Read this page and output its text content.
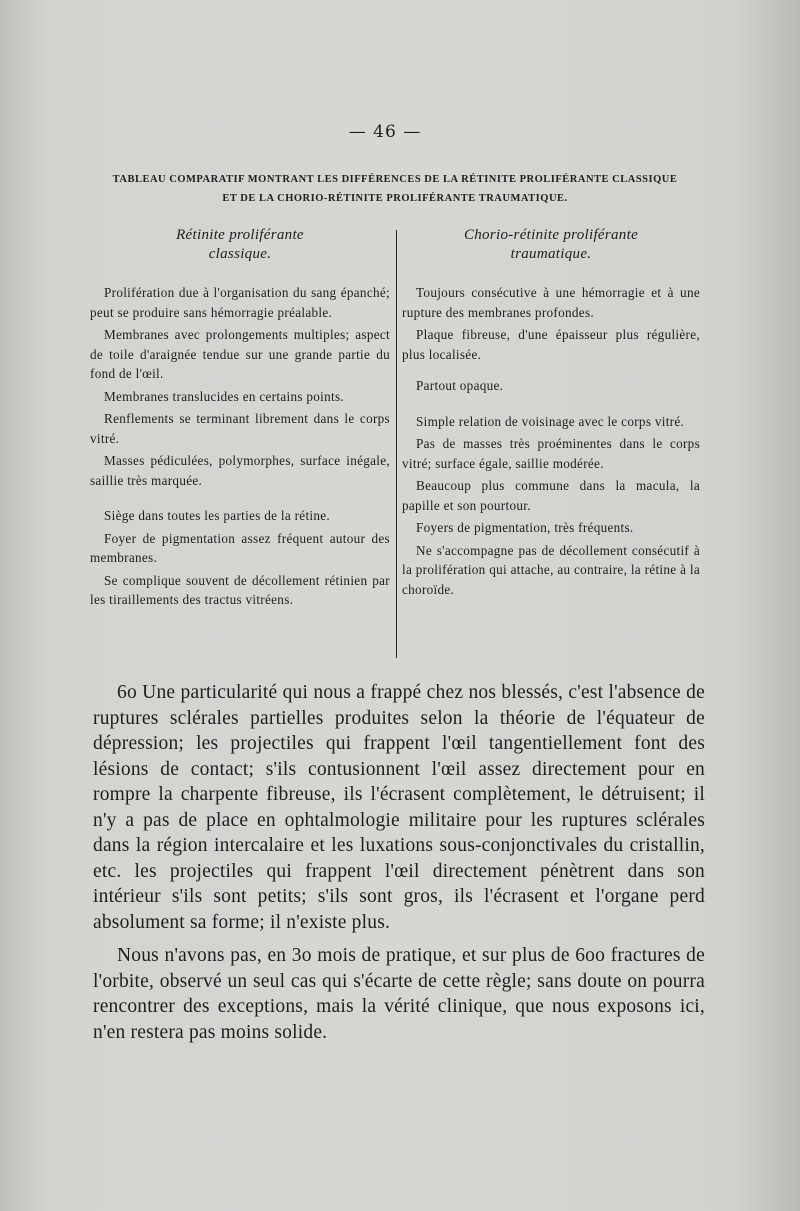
— 46 —
TABLEAU COMPARATIF MONTRANT LES DIFFÉRENCES DE LA RÉTINITE PROLIFÉRANTE CLASSIQUE
ET DE LA CHORIO-RÉTINITE PROLIFÉRANTE TRAUMATIQUE.
Rétinite proliférante
classique.

Prolifération due à l'organisation du sang épanché; peut se produire sans hémorragie préalable.

Membranes avec prolongements multiples; aspect de toile d'araignée tendue sur une grande partie du fond de l'œil.

Membranes translucides en certains points.

Renflements se terminant librement dans le corps vitré.

Masses pédiculées, polymorphes, surface inégale, saillie très marquée.

Siège dans toutes les parties de la rétine.

Foyer de pigmentation assez fréquent autour des membranes.

Se complique souvent de décollement rétinien par les tiraillements des tractus vitréens.

Chorio-rétinite proliférante
traumatique.

Toujours consécutive à une hémorragie et à une rupture des membranes profondes.

Plaque fibreuse, d'une épaisseur plus régulière, plus localisée.

Partout opaque.

Simple relation de voisinage avec le corps vitré.

Pas de masses très proéminentes dans le corps vitré; surface égale, saillie modérée.

Beaucoup plus commune dans la macula, la papille et son pourtour.

Foyers de pigmentation, très fréquents.

Ne s'accompagne pas de décollement consécutif à la prolifération qui attache, au contraire, la rétine à la choroïde.

6o Une particularité qui nous a frappé chez nos blessés, c'est l'absence de ruptures sclérales partielles produites selon la théorie de l'équateur de dépression; les projectiles qui frappent l'œil tangentiellement font des lésions de contact; s'ils contusionnent l'œil assez directement pour en rompre la charpente fibreuse, ils l'écrasent complètement, le détruisent; il n'y a pas de place en ophtalmologie militaire pour les ruptures sclérales dans la région intercalaire et les luxations sous-conjonctivales du cristallin, etc. les projectiles qui frappent l'œil directement pénètrent dans son intérieur s'ils sont petits; s'ils sont gros, ils l'écrasent et l'organe perd absolument sa forme; il n'existe plus.

Nous n'avons pas, en 3o mois de pratique, et sur plus de 6oo fractures de l'orbite, observé un seul cas qui s'écarte de cette règle; sans doute on pourra rencontrer des exceptions, mais la vérité clinique, que nous exposons ici, n'en restera pas moins solide.
